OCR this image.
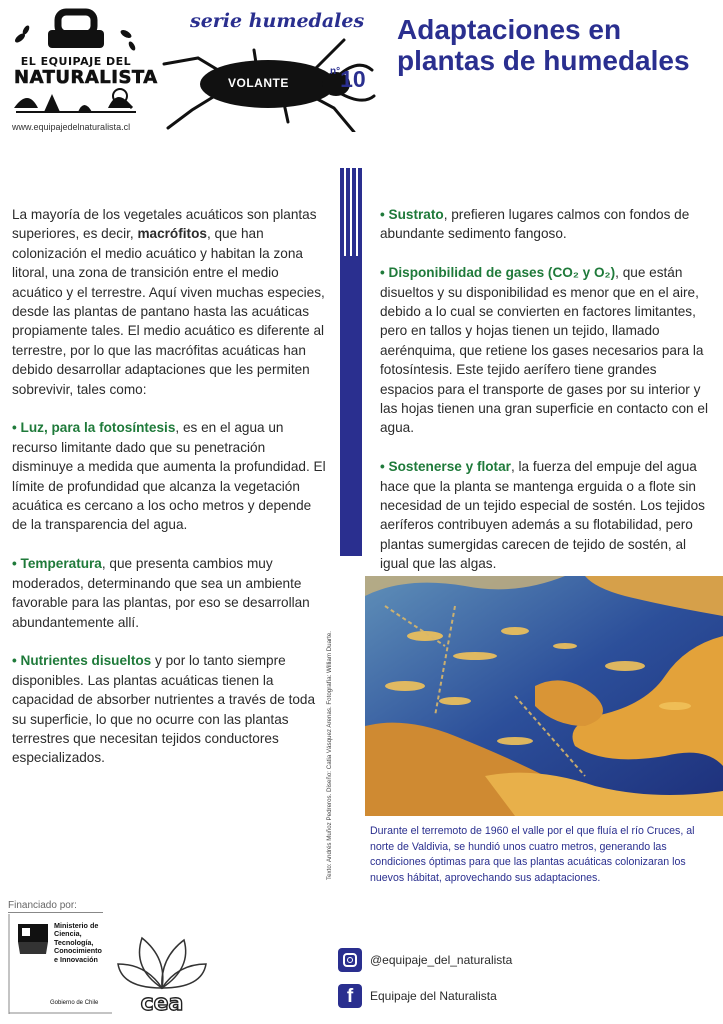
EL EQUIPAJE DEL
NATURALISTA
www.equipajedelnaturalista.cl
serie humedales
VOLANTE
$^{n^\circ}$10
Adaptaciones en plantas de humedales

La mayoría de los vegetales acuáticos son plantas superiores, es decir, macrófitos, que han colonización el medio acuático y habitan la zona litoral, una zona de transición entre el medio acuático y el terrestre. Aquí viven muchas especies, desde las plantas de pantano hasta las acuáticas propiamente tales. El medio acuático es diferente al terrestre, por lo que las macrófitas acuáticas han debido desarrollar adaptaciones que les permiten sobrevivir, tales como:

• Luz, para la fotosíntesis, es en el agua un recurso limitante dado que su penetración disminuye a medida que aumenta la profundidad. El límite de profundidad que alcanza la vegetación acuática es cercano a los ocho metros y depende de la transparencia del agua.

• Temperatura, que presenta cambios muy moderados, determinando que sea un ambiente favorable para las plantas, por eso se desarrollan abundantemente allí.

• Nutrientes disueltos y por lo tanto siempre disponibles. Las plantas acuáticas tienen la capacidad de absorber nutrientes a través de toda su superficie, lo que no ocurre con las plantas terrestres que necesitan tejidos conductores especializados.

• Sustrato, prefieren lugares calmos con fondos de abundante sedimento fangoso.

• Disponibilidad de gases (CO₂ y O₂), que están disueltos y su disponibilidad es menor que en el aire, debido a lo cual se convierten en factores limitantes, pero en tallos y hojas tienen un tejido, llamado aerénquima, que retiene los gases necesarios para la fotosíntesis. Este tejido aerífero tiene grandes espacios para el transporte de gases por su interior y las hojas tienen una gran superficie en contacto con el agua.

• Sostenerse y flotar, la fuerza del empuje del agua hace que la planta se mantenga erguida o a flote sin necesidad de un tejido especial de sostén. Los tejidos aeríferos contribuyen además a su flotabilidad, pero plantas sumergidas carecen de tejido de sostén, al igual que las algas.

Durante el terremoto de 1960 el valle por el que fluía el río Cruces, al norte de Valdivia, se hundió unos cuatro metros, generando las condiciones óptimas para que las plantas acuáticas colonizaran los nuevos hábitat, aprovechando sus adaptaciones.
Texto: Andrés Muñoz Pedreros. Diseño: Catia Vásquez Arenas. Fotografía: William Duarte.
Financiado por:
Ministerio de
Ciencia,
Tecnología,
Conocimiento
e Innovación
Gobierno de Chile cea
@equipaje_del_naturalista
f	Equipaje del Naturalista
